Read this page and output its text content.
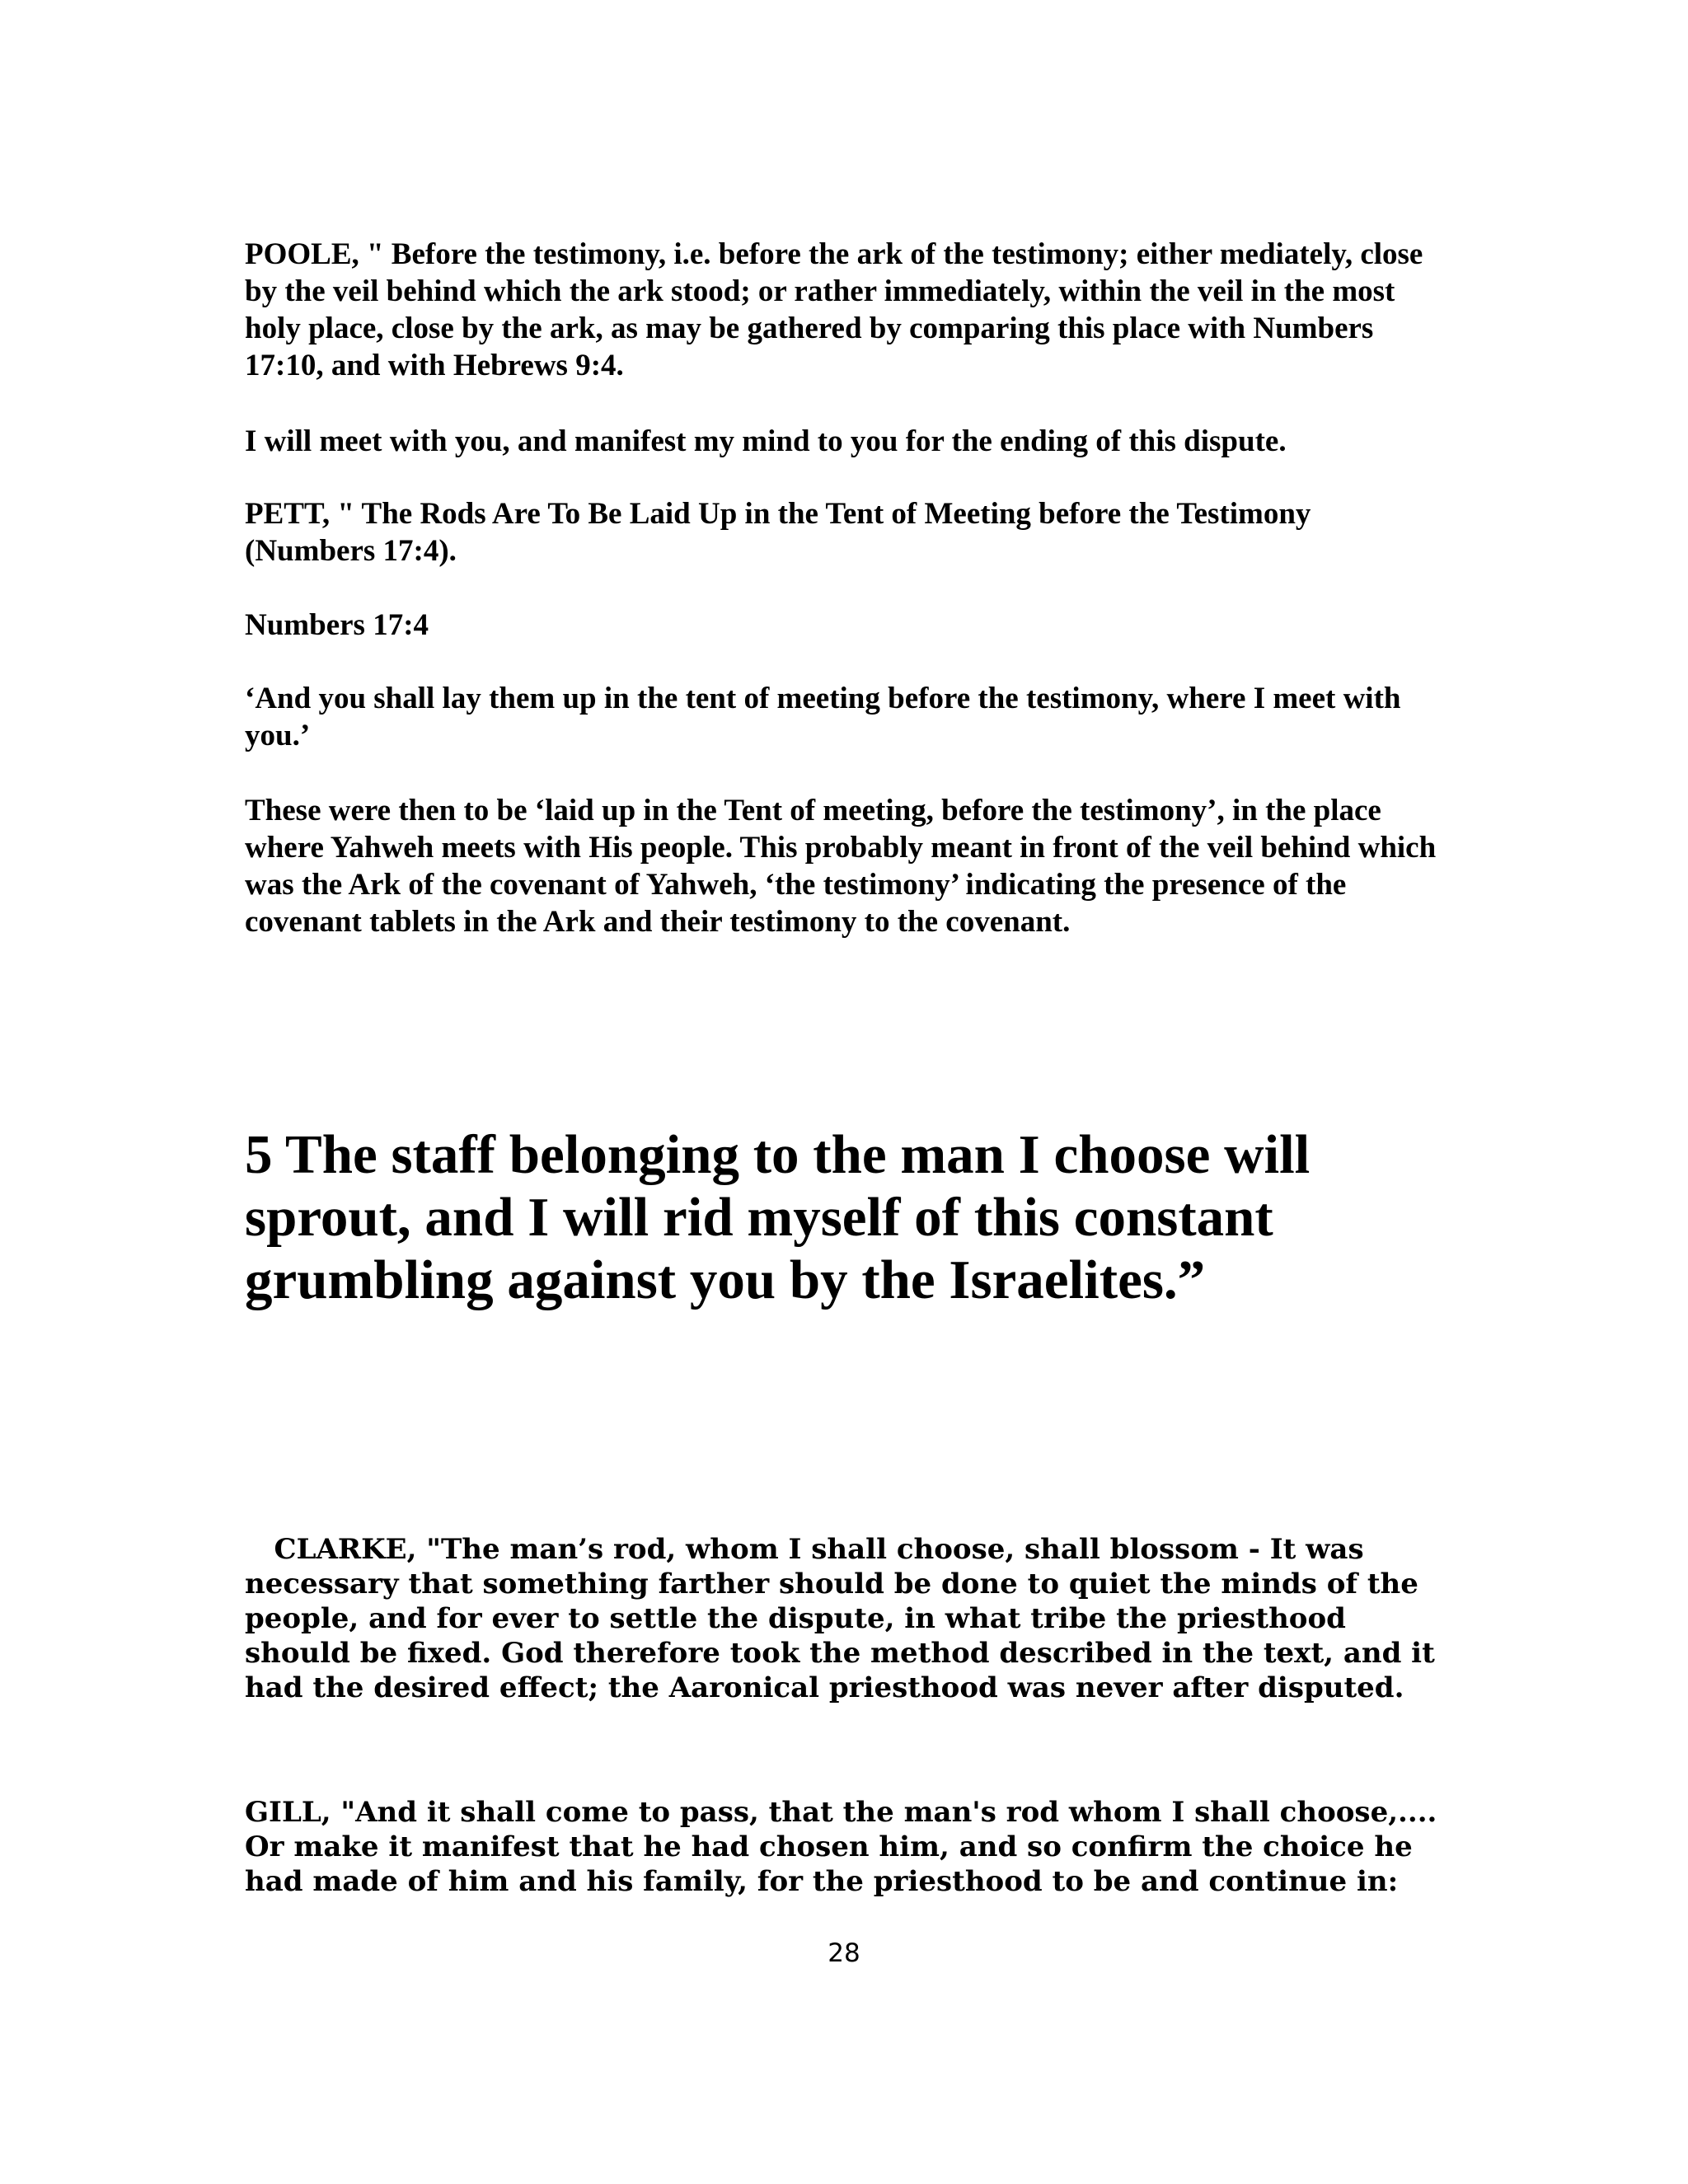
POOLE, " Before the testimony, i.e. before the ark of the testimony; either mediately, close by the veil behind which the ark stood; or rather immediately, within the veil in the most holy place, close by the ark, as may be gathered by comparing this place with Numbers 17:10, and with Hebrews 9:4.

I will meet with you, and manifest my mind to you for the ending of this dispute.

PETT, " The Rods Are To Be Laid Up in the Tent of Meeting before the Testimony (Numbers 17:4).

Numbers 17:4

‘And you shall lay them up in the tent of meeting before the testimony, where I meet with you.’

These were then to be ‘laid up in the Tent of meeting, before the testimony’, in the place where Yahweh meets with His people. This probably meant in front of the veil behind which was the Ark of the covenant of Yahweh, ‘the testimony’ indicating the presence of the covenant tablets in the Ark and their testimony to the covenant.

5 The staff belonging to the man I choose will sprout, and I will rid myself of this constant grumbling against you by the Israelites.”

CLARKE, "The man’s rod, whom I shall choose, shall blossom - It was necessary that something farther should be done to quiet the minds of the people, and for ever to settle the dispute, in what tribe the priesthood should be fixed. God therefore took the method described in the text, and it had the desired effect; the Aaronical priesthood was never after disputed.

GILL, "And it shall come to pass, that the man's rod whom I shall choose,.... Or make it manifest that he had chosen him, and so confirm the choice he had made of him and his family, for the priesthood to be and continue in:

28
